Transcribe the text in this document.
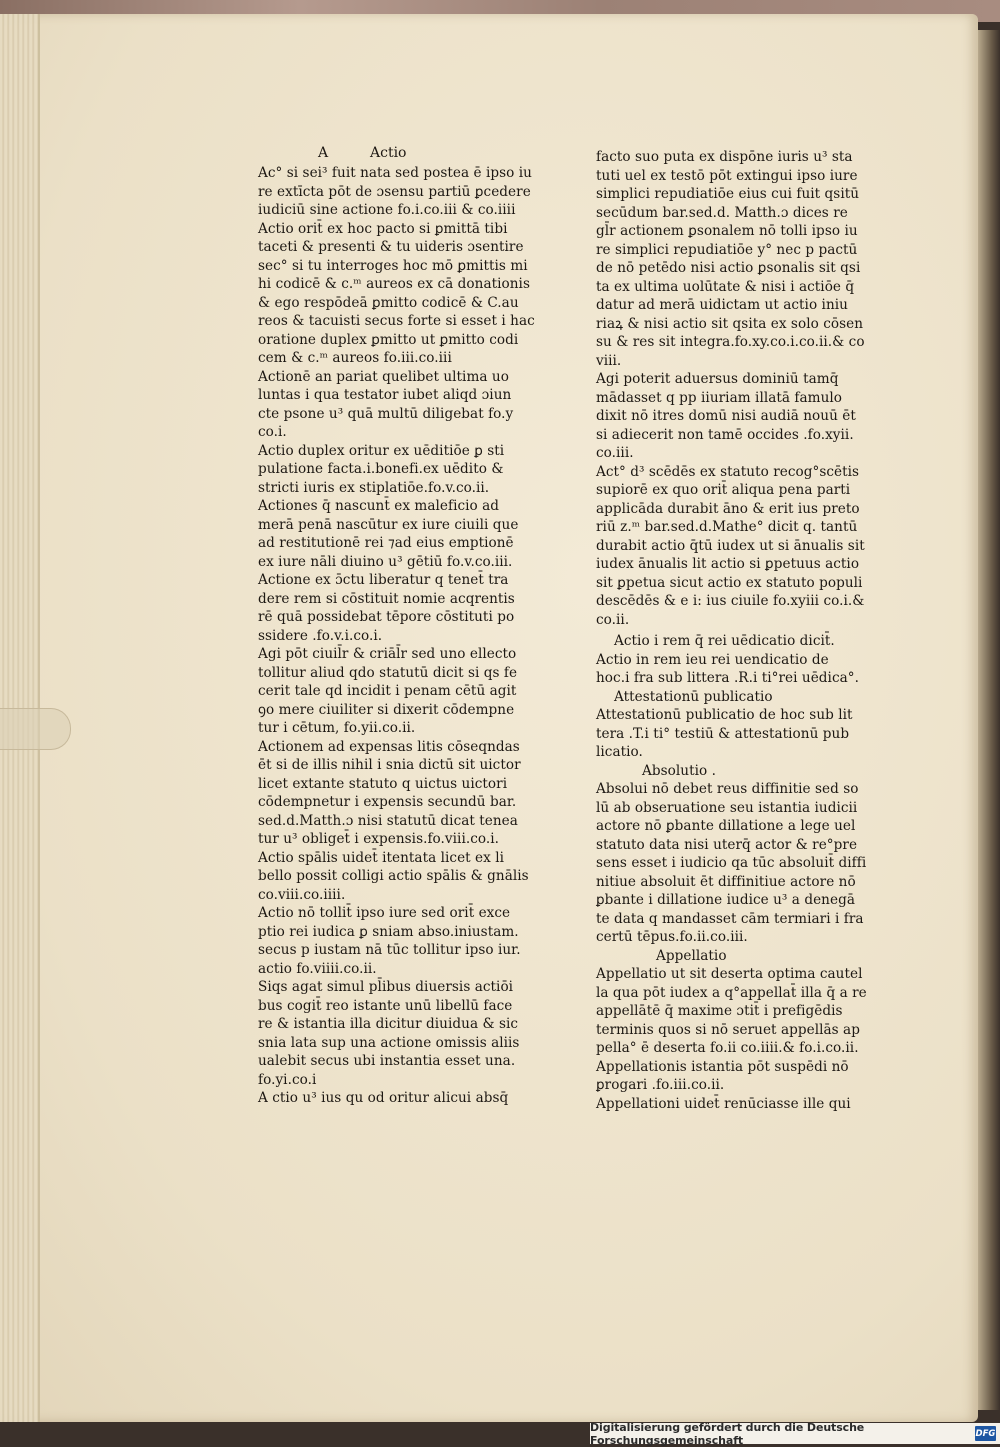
A	Actio
Ac° si sei³ fuit nata sed postea ē ipso iu
re extīcta pōt de ɔsensu partiū ꝑcedere
iudiciū sine actione fo.i.co.iii & co.iiii
Actio orit̄ ex hoc pacto si ꝑmittā tibi
taceti & presenti & tu uideris ɔsentire
sec° si tu interroges hoc mō ꝑmittis mi
hi codicē & c.ᵐ aureos ex cā donationis
& ego respōdeā ꝑmitto codicē & C.au
reos & tacuisti secus forte si esset i hac
oratione duplex ꝑmitto ut ꝑmitto codi
cem & c.ᵐ aureos fo.iii.co.iii
Actionē an pariat quelibet ultima uo
luntas i qua testator iubet aliqd ɔiun
cte psone u³ quā multū diligebat fo.y
co.i.
Actio duplex oritur ex uēditiōe ꝑ sti
pulatione facta.i.bonefi.ex uēdito &
stricti iuris ex stiplatiōe.fo.v.co.ii.
Actiones q̄ nascunt̄ ex maleficio ad
merā penā nascūtur ex iure ciuili que
ad restitutionē rei ⁊ad eius emptionē
ex iure nāli diuino u³ gētiū fo.v.co.iii.
Actione ex ɔ̄ctu liberatur q tenet̄ tra
dere rem si cōstituit nomie acqrentis
rē quā possidebat tēpore cōstituti po
ssidere .fo.v.i.co.i.
Agi pōt ciuil̄r & criāl̄r sed uno ellecto
tollitur aliud qdo statutū dicit si qs fe
cerit tale qd incidit i penam cētū agit
ꝯo mere ciuiliter si dixerit cōdempne
tur i cētum, fo.yii.co.ii.
Actionem ad expensas litis cōseqndas
ēt si de illis nihil i snia dictū sit uictor
licet extante statuto q uictus uictori
cōdempnetur i expensis secundū bar.
sed.d.Matth.ɔ nisi statutū dicat tenea
tur u³ obliget̄ i expensis.fo.viii.co.i.
Actio spālis uidet̄ itentata licet ex li
bello possit colligi actio spālis & gnālis
co.viii.co.iiii.
Actio nō tollit̄ ipso iure sed orit̄ exce
ptio rei iudica ꝑ sniam abso.iniustam.
secus p iustam nā tūc tollitur ipso iur.
actio fo.viiii.co.ii.
Siqs agat simul pl̄ibus diuersis actiōi
bus cogit̄ reo istante unū libellū face
re & istantia illa dicitur diuidua & sic
snia lata sup una actione omissis aliis
ualebit secus ubi instantia esset una.
fo.yi.co.i
A ctio u³ ius qu od oritur alicui absq̄
facto suo puta ex dispōne iuris u³ sta
tuti uel ex testō pōt extingui ipso iure
simplici repudiatiōe eius cui fuit qsitū
secūdum bar.sed.d. Matth.ɔ dices re
gl̄r actionem ꝑsonalem nō tolli ipso iu
re simplici repudiatiōe y° nec p pactū
de nō petēdo nisi actio ꝑsonalis sit qsi
ta ex ultima uolūtate & nisi i actiōe q̄
datur ad merā uidictam ut actio iniu
riaꝝ & nisi actio sit qsita ex solo cōsen
su & res sit integra.fo.xy.co.i.co.ii.& co
viii.
Agi poterit aduersus dominiū tamq̄
mādasset q pp iiuriam illatā famulo
dixit nō itres domū nisi audiā nouū ēt
si adiecerit non tamē occides .fo.xyii.
co.iii.
Act° d³ scēdēs ex statuto recog°scētis
supiorē ex quo orit̄ aliqua pena parti
applicāda durabit āno & erit ius preto
riū z.ᵐ bar.sed.d.Mathe° dicit q. tantū
durabit actio q̄tū iudex ut si ānualis sit
iudex ānualis lit actio si ꝑpetuus actio
sit ꝑpetua sicut actio ex statuto populi
descēdēs & e i: ius ciuile fo.xyiii co.i.&
co.ii.
Actio i rem q̄ rei uēdicatio dicit̄.
Actio in rem ieu rei uendicatio de
hoc.i fra sub littera .R.i ti°rei uēdica°.
Attestationū publicatio
Attestationū publicatio de hoc sub lit
tera .T.i ti° testiū & attestationū pub
licatio.
Absolutio .
Absolui nō debet reus diffinitie sed so
lū ab obseruatione seu istantia iudicii
actore nō ꝑbante dillatione a lege uel
statuto data nisi uterq̄ actor & re°pre
sens esset i iudicio qa tūc absoluit̄ diffi
nitiue absoluit ēt diffinitiue actore nō
ꝑbante i dillatione iudice u³ a denegā
te data q mandasset cām termiari i fra
certū tēpus.fo.ii.co.iii.
Appellatio
Appellatio ut sit deserta optima cautel
la qua pōt iudex a q°appellat̄ illa q̄ a re
appellātē q̄ maxime ɔtit̄ i prefigēdis
terminis quos si nō seruet appellās ap
pella° ē deserta fo.ii co.iiii.& fo.i.co.ii.
Appellationis istantia pōt suspēdi nō
ꝑrogari .fo.iii.co.ii.
Appellationi uidet̄ renūciasse ille qui
Digitalisierung gefördert durch die Deutsche Forschungsgemeinschaft	DFG
